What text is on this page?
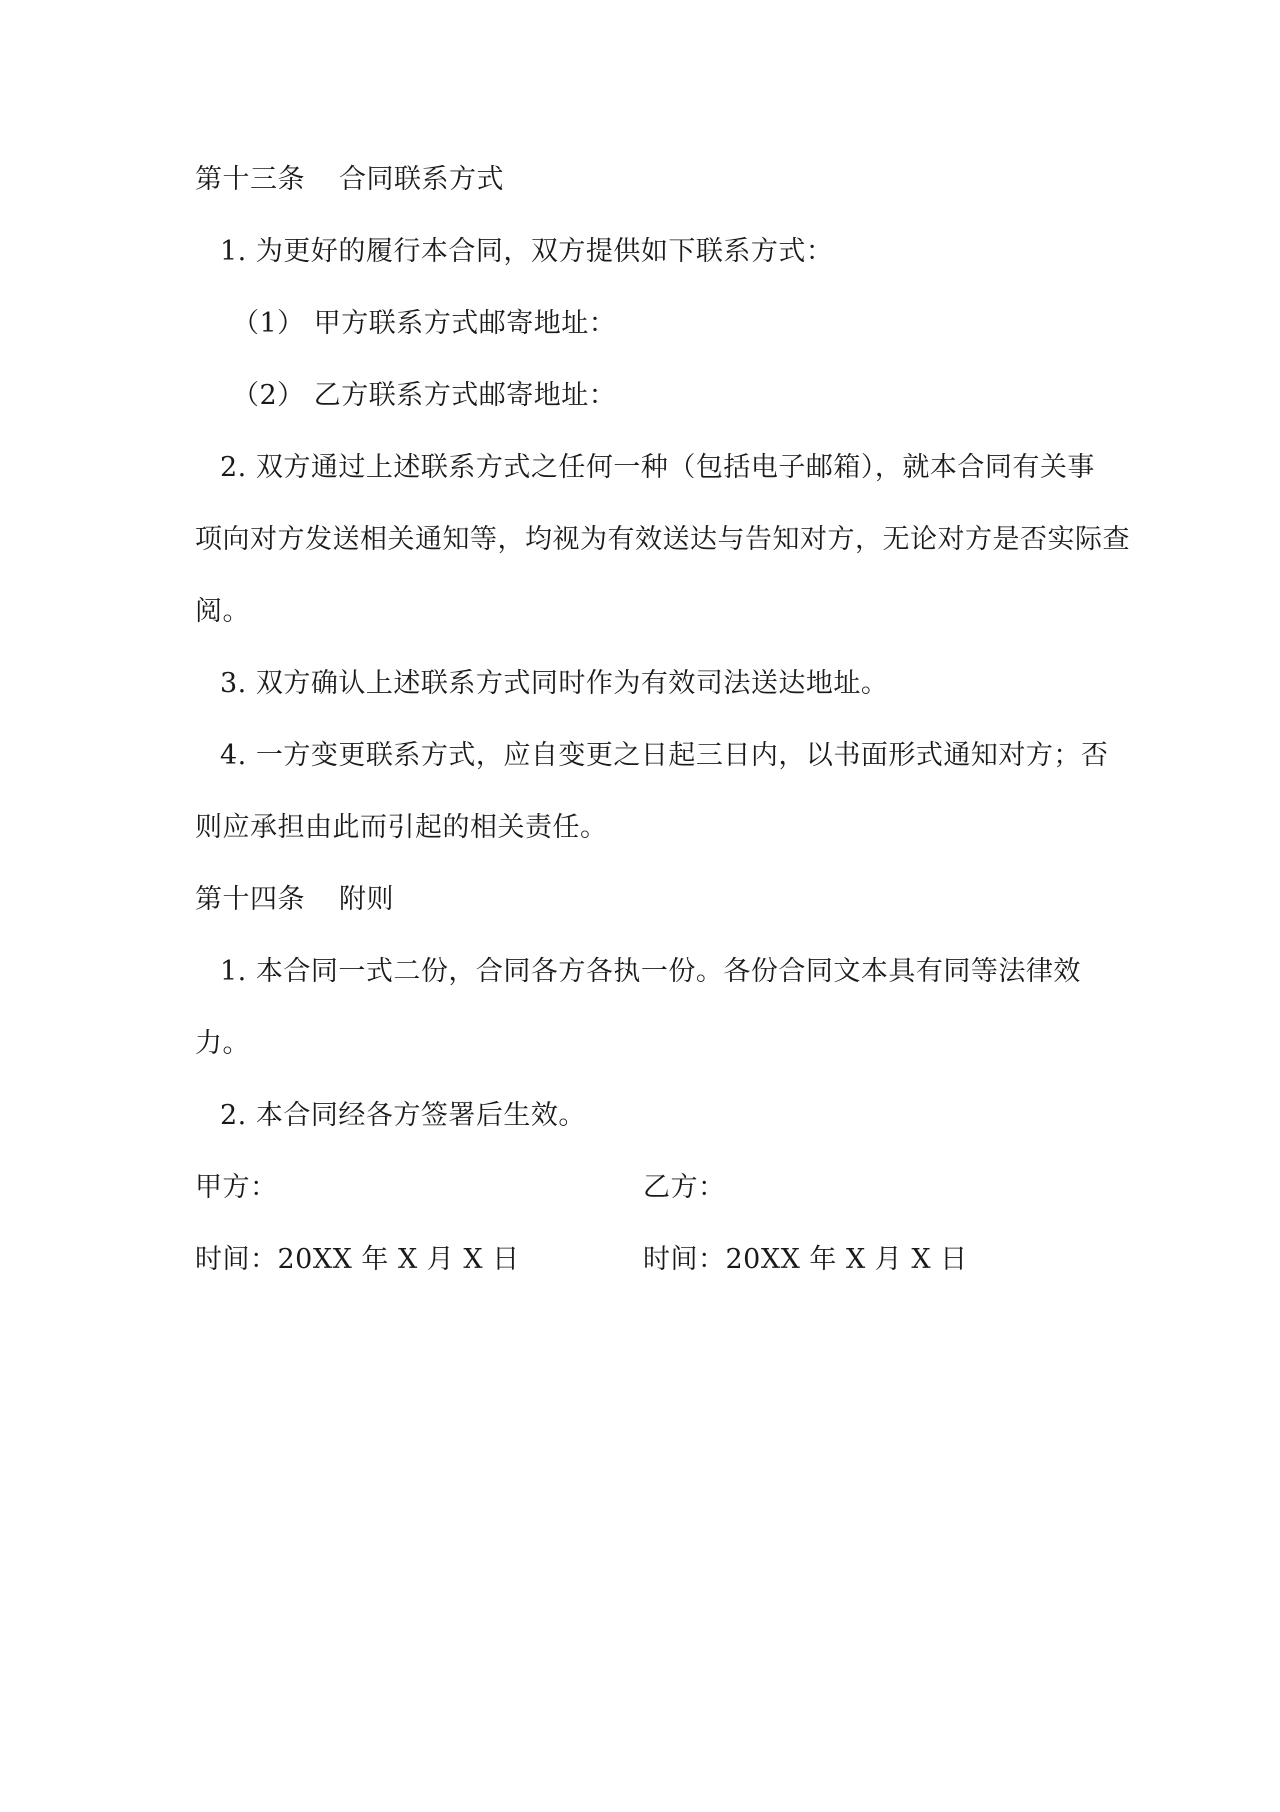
第十三条 合同联系方式
1. 为更好的履行本合同，双方提供如下联系方式：
（1） 甲方联系方式邮寄地址：
（2） 乙方联系方式邮寄地址：
2. 双方通过上述联系方式之任何一种（包括电子邮箱），就本合同有关事
项向对方发送相关通知等，均视为有效送达与告知对方，无论对方是否实际查
阅。
3. 双方确认上述联系方式同时作为有效司法送达地址。
4. 一方变更联系方式，应自变更之日起三日内，以书面形式通知对方；否
则应承担由此而引起的相关责任。
第十四条 附则
1. 本合同一式二份，合同各方各执一份。各份合同文本具有同等法律效
力。
2. 本合同经各方签署后生效。
甲方：	乙方：
时间：20XX 年 X 月 X 日	时间：20XX 年 X 月 X 日
